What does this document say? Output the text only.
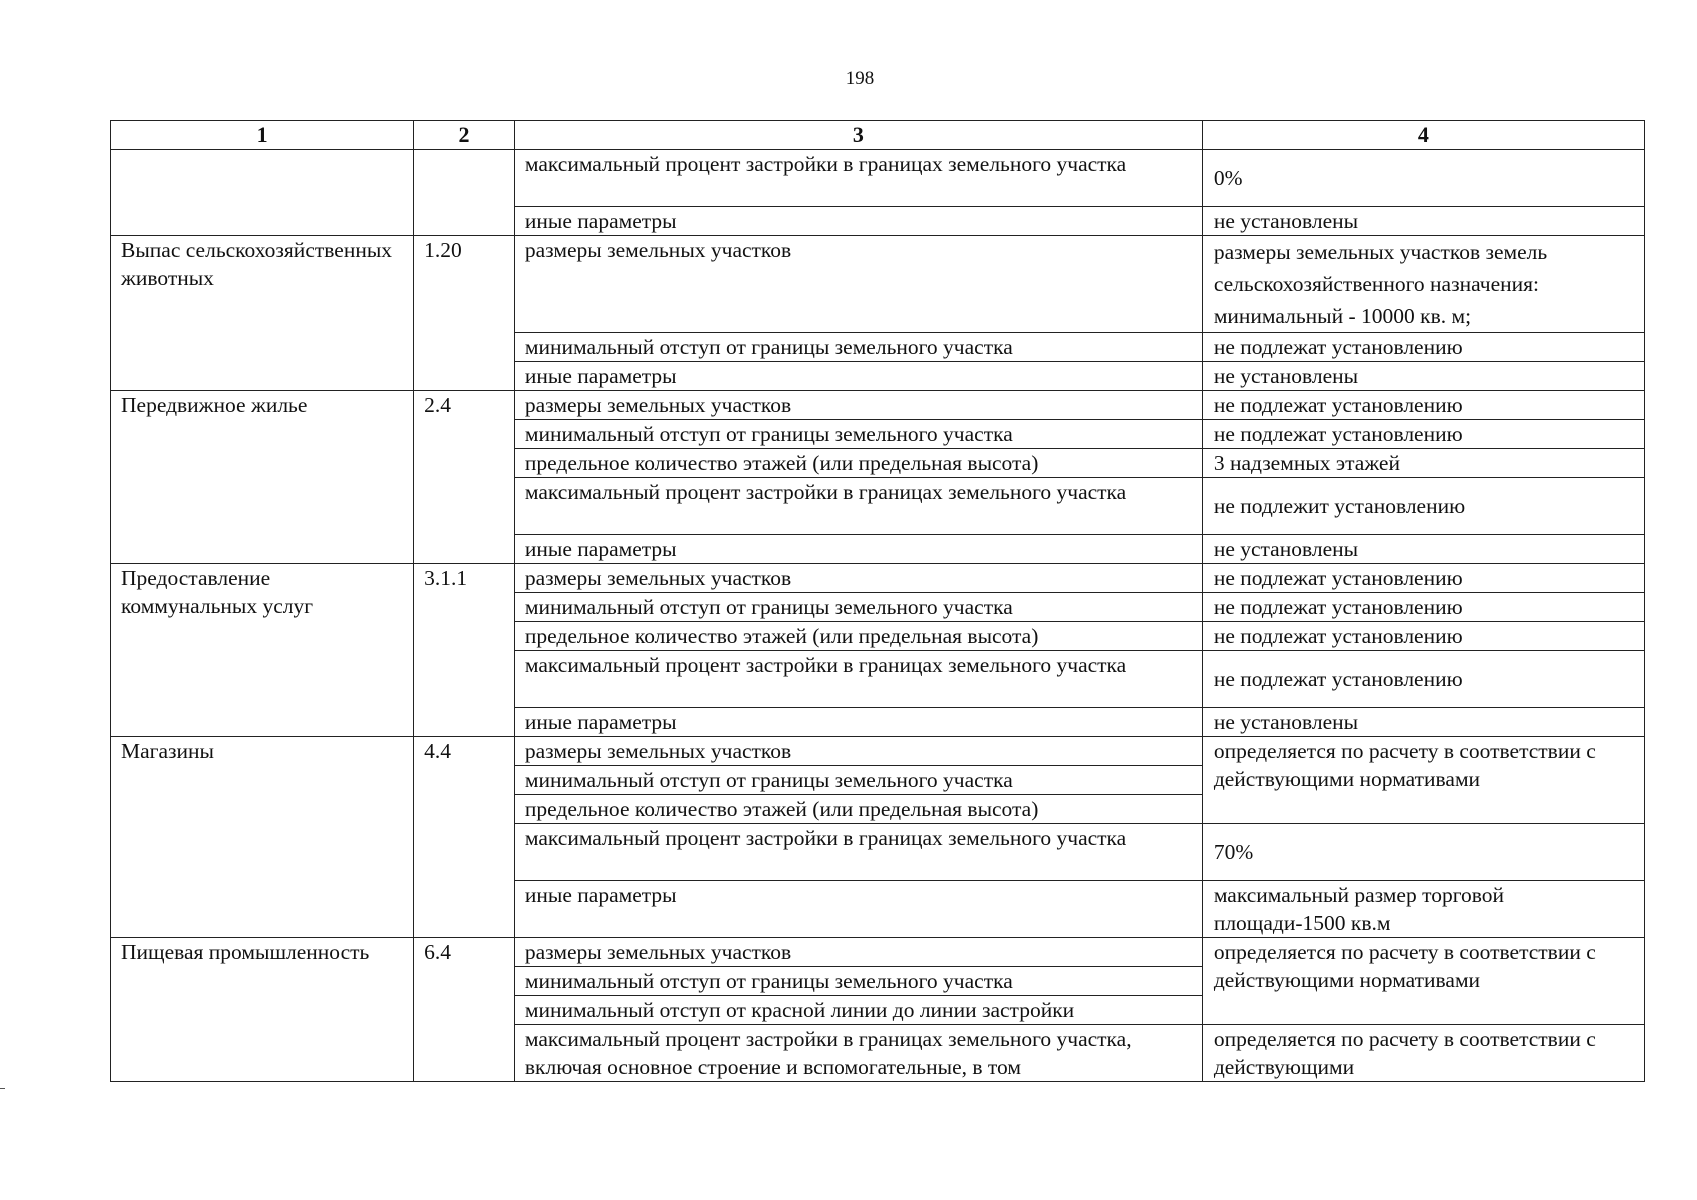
198
1	2	3	4
		максимальный процент застройки в границах земельного участка	0%
		иные параметры	не установлены
Выпас сельскохозяйственных животных	1.20	размеры земельных участков	размеры земельных участков земель
сельскохозяйственного назначения:
минимальный - 10000 кв. м;

		минимальный отступ от границы земельного участка	не подлежат установлению
		иные параметры	не установлены
Передвижное жилье	2.4	размеры земельных участков	не подлежат установлению
		минимальный отступ от границы земельного участка	не подлежат установлению
		предельное количество этажей (или предельная высота)	3 надземных этажей
		максимальный процент застройки в границах земельного участка	не подлежит установлению
		иные параметры	не установлены
Предоставление коммунальных услуг	3.1.1	размеры земельных участков	не подлежат установлению
		минимальный отступ от границы земельного участка	не подлежат установлению
		предельное количество этажей (или предельная высота)	не подлежат установлению
		максимальный процент застройки в границах земельного участка	не подлежат установлению
		иные параметры	не установлены
Магазины	4.4	размеры земельных участков	определяется по расчету в соответствии с действующими нормативами
		минимальный отступ от границы земельного участка	
		предельное количество этажей (или предельная высота)	
		максимальный процент застройки в границах земельного участка	70%
		иные параметры	максимальный размер торговой площади-1500 кв.м
Пищевая промышленность	6.4	размеры земельных участков	определяется по расчету в соответствии с действующими нормативами
		минимальный отступ от границы земельного участка	
		минимальный отступ от красной линии до линии застройки	
		максимальный процент застройки в границах земельного участка, включая основное строение и вспомогательные, в том	определяется по расчету в соответствии с действующими
